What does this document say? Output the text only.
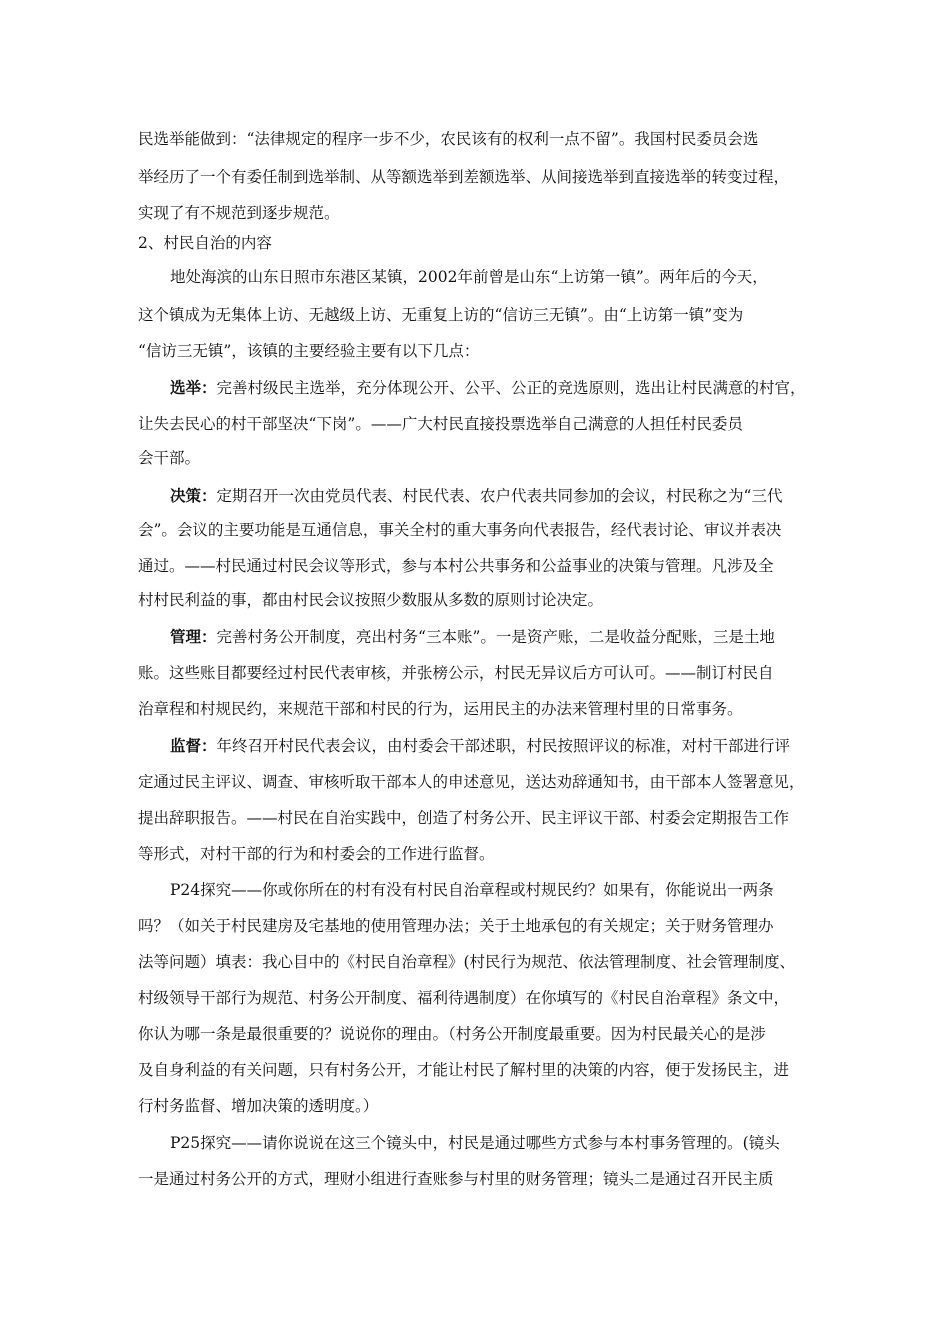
民选举能做到：“法律规定的程序一步不少，农民该有的权利一点不留”。我国村民委员会选
举经历了一个有委任制到选举制、从等额选举到差额选举、从间接选举到直接选举的转变过程，
实现了有不规范到逐步规范。
2、村民自治的内容
地处海滨的山东日照市东港区某镇，2002年前曾是山东“上访第一镇”。两年后的今天，
这个镇成为无集体上访、无越级上访、无重复上访的“信访三无镇”。由“上访第一镇”变为
“信访三无镇”，该镇的主要经验主要有以下几点：
选举：完善村级民主选举，充分体现公开、公平、公正的竞选原则，选出让村民满意的村官，
让失去民心的村干部坚决“下岗”。——广大村民直接投票选举自己满意的人担任村民委员
会干部。
决策：定期召开一次由党员代表、村民代表、农户代表共同参加的会议，村民称之为“三代
会”。会议的主要功能是互通信息，事关全村的重大事务向代表报告，经代表讨论、审议并表决
通过。——村民通过村民会议等形式，参与本村公共事务和公益事业的决策与管理。凡涉及全
村村民利益的事，都由村民会议按照少数服从多数的原则讨论决定。
管理：完善村务公开制度，亮出村务“三本账”。一是资产账，二是收益分配账，三是土地
账。这些账目都要经过村民代表审核，并张榜公示，村民无异议后方可认可。——制订村民自
治章程和村规民约，来规范干部和村民的行为，运用民主的办法来管理村里的日常事务。
监督：年终召开村民代表会议，由村委会干部述职，村民按照评议的标准，对村干部进行评
定通过民主评议、调查、审核听取干部本人的申述意见，送达劝辞通知书，由干部本人签署意见，
提出辞职报告。——村民在自治实践中，创造了村务公开、民主评议干部、村委会定期报告工作
等形式，对村干部的行为和村委会的工作进行监督。
P24探究——你或你所在的村有没有村民自治章程或村规民约？如果有，你能说出一两条
吗？（如关于村民建房及宅基地的使用管理办法；关于土地承包的有关规定；关于财务管理办
法等问题）填表：我心目中的《村民自治章程》(村民行为规范、依法管理制度、社会管理制度、
村级领导干部行为规范、村务公开制度、福利待遇制度）在你填写的《村民自治章程》条文中，
你认为哪一条是最很重要的？说说你的理由。（村务公开制度最重要。因为村民最关心的是涉
及自身利益的有关问题，只有村务公开，才能让村民了解村里的决策的内容，便于发扬民主，进
行村务监督、增加决策的透明度。）
P25探究——请你说说在这三个镜头中，村民是通过哪些方式参与本村事务管理的。(镜头
一是通过村务公开的方式，理财小组进行查账参与村里的财务管理；镜头二是通过召开民主质
